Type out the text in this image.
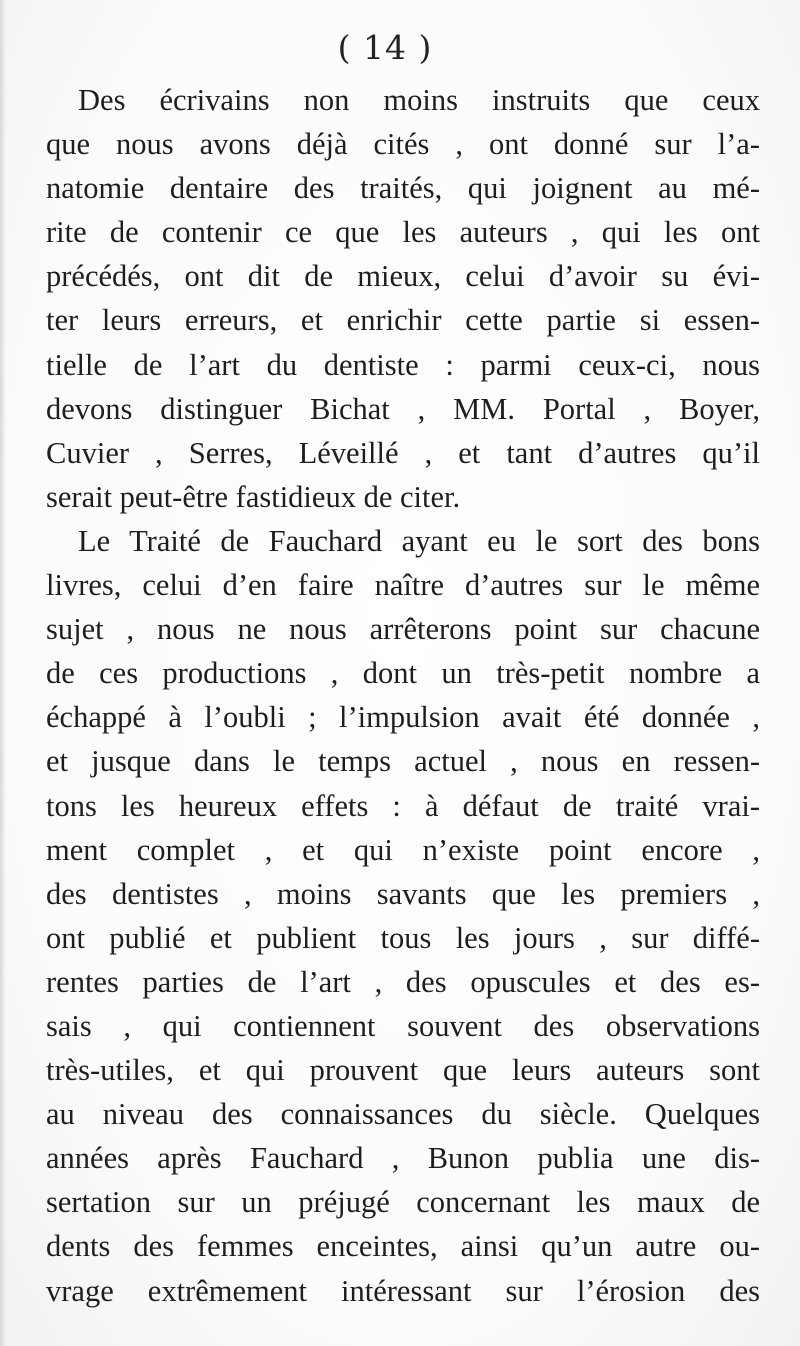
( 14 )

Des écrivains non moins instruits que ceux
que nous avons déjà cités , ont donné sur l’a-
natomie dentaire des traités, qui joignent au mé-
rite de contenir ce que les auteurs , qui les ont
précédés, ont dit de mieux, celui d’avoir su évi-
ter leurs erreurs, et enrichir cette partie si essen-
tielle de l’art du dentiste : parmi ceux-ci, nous
devons distinguer Bichat , MM. Portal , Boyer,
Cuvier , Serres, Léveillé , et tant d’autres qu’il
serait peut-être fastidieux de citer.

Le Traité de Fauchard ayant eu le sort des bons
livres, celui d’en faire naître d’autres sur le même
sujet , nous ne nous arrêterons point sur chacune
de ces productions , dont un très-petit nombre a
échappé à l’oubli ; l’impulsion avait été donnée ,
et jusque dans le temps actuel , nous en ressen-
tons les heureux effets : à défaut de traité vrai-
ment complet , et qui n’existe point encore ,
des dentistes , moins savants que les premiers ,
ont publié et publient tous les jours , sur diffé-
rentes parties de l’art , des opuscules et des es-
sais , qui contiennent souvent des observations
très-utiles, et qui prouvent que leurs auteurs sont
au niveau des connaissances du siècle. Quelques
années après Fauchard , Bunon publia une dis-
sertation sur un préjugé concernant les maux de
dents des femmes enceintes, ainsi qu’un autre ou-
vrage extrêmement intéressant sur l’érosion des
